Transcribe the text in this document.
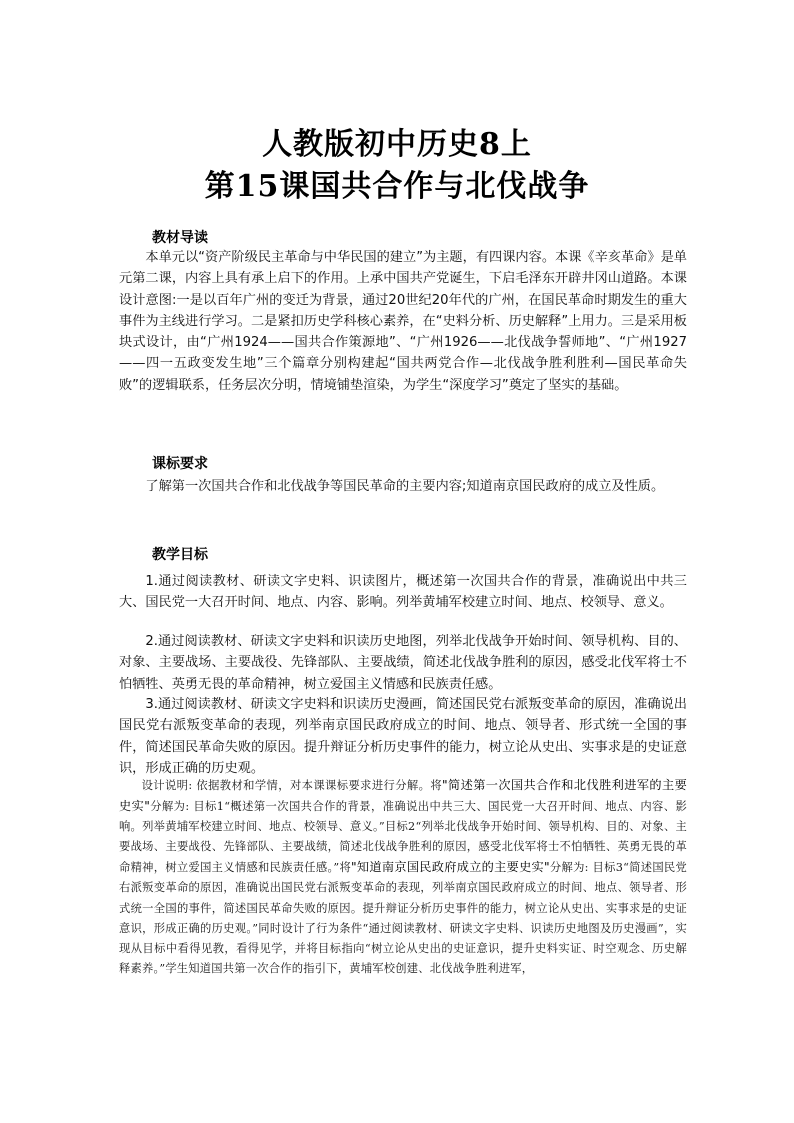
人教版初中历史8上
第15课国共合作与北伐战争
教材导读

本单元以“资产阶级民主革命与中华民国的建立”为主题，有四课内容。本课《辛亥革命》是单元第二课，内容上具有承上启下的作用。上承中国共产党诞生，下启毛泽东开辟井冈山道路。本课设计意图:一是以百年广州的变迁为背景，通过20世纪20年代的广州，在国民革命时期发生的重大事件为主线进行学习。二是紧扣历史学科核心素养，在“史料分析、历史解释”上用力。三是采用板块式设计，由“广州1924——国共合作策源地”、“广州1926——北伐战争誓师地”、“广州1927——四一五政变发生地”三个篇章分别构建起“国共两党合作—北伐战争胜利胜利—国民革命失败”的逻辑联系，任务层次分明，情境铺垫渲染，为学生“深度学习”奠定了坚实的基础。

课标要求

了解第一次国共合作和北伐战争等国民革命的主要内容;知道南京国民政府的成立及性质。

教学目标

1.通过阅读教材、研读文字史料、识读图片，概述第一次国共合作的背景，准确说出中共三大、国民党一大召开时间、地点、内容、影响。列举黄埔军校建立时间、地点、校领导、意义。

2.通过阅读教材、研读文字史料和识读历史地图，列举北伐战争开始时间、领导机构、目的、对象、主要战场、主要战役、先锋部队、主要战绩，简述北伐战争胜利的原因，感受北伐军将士不怕牺牲、英勇无畏的革命精神，树立爱国主义情感和民族责任感。

3.通过阅读教材、研读文字史料和识读历史漫画，简述国民党右派叛变革命的原因，准确说出国民党右派叛变革命的表现，列举南京国民政府成立的时间、地点、领导者、形式统一全国的事件，简述国民革命失败的原因。提升辩证分析历史事件的能力，树立论从史出、实事求是的史证意识，形成正确的历史观。

设计说明: 依据教材和学情，对本课课标要求进行分解。将"简述第一次国共合作和北伐胜利进军的主要史实"分解为: 目标1“概述第一次国共合作的背景，准确说出中共三大、国民党一大召开时间、地点、内容、影响。列举黄埔军校建立时间、地点、校领导、意义。”目标2“列举北伐战争开始时间、领导机构、目的、对象、主要战场、主要战役、先锋部队、主要战绩，简述北伐战争胜利的原因，感受北伐军将士不怕牺牲、英勇无畏的革命精神，树立爱国主义情感和民族责任感。”将"知道南京国民政府成立的主要史实"分解为: 目标3“简述国民党右派叛变革命的原因，准确说出国民党右派叛变革命的表现，列举南京国民政府成立的时间、地点、领导者、形式统一全国的事件，简述国民革命失败的原因。提升辩证分析历史事件的能力，树立论从史出、实事求是的史证意识，形成正确的历史观。”同时设计了行为条件“通过阅读教材、研读文字史料、识读历史地图及历史漫画”，实现从目标中看得见教，看得见学，并将目标指向“树立论从史出的史证意识，提升史料实证、时空观念、历史解释素养。”学生知道国共第一次合作的指引下，黄埔军校创建、北伐战争胜利进军，
